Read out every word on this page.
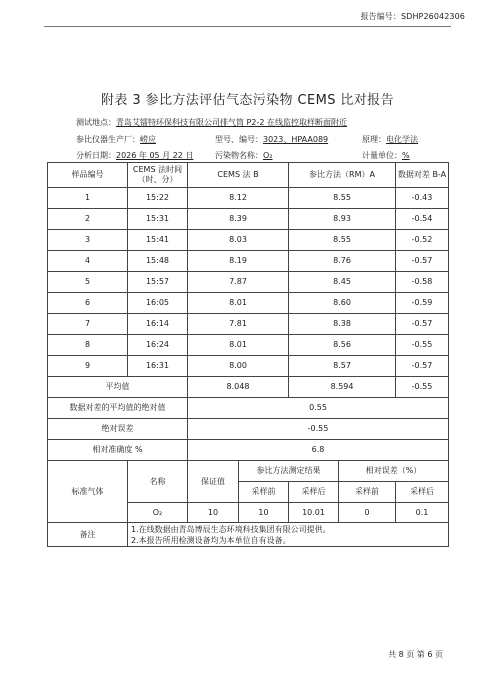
报告编号：SDHP26042306
附表 3 参比方法评估气态污染物 CEMS 比对报告
测试地点：青岛艾镭特环保科技有限公司排气筒 P2-2 在线监控取样断面附近
参比仪器生产厂：崂应	型号、编号：3023、HPAA089	原理：电化学法
分析日期：2026 年 05 月 22 日	污染物名称：O₂	计量单位：%
样品编号	CEMS 法时间
（时、分）	CEMS 法 B		参比方法（RM）A		数据对差 B-A
1	15:22	8.12		8.55		-0.43
2	15:31	8.39		8.93		-0.54
3	15:41	8.03		8.55		-0.52
4	15:48	8.19		8.76		-0.57
5	15:57	7.87		8.45		-0.58
6	16:05	8.01		8.60		-0.59
7	16:14	7.81		8.38		-0.57
8	16:24	8.01		8.56		-0.55
9	16:31	8.00		8.57		-0.57
平均值		8.048		8.594		-0.55
数据对差的平均值的绝对值		0.55				
绝对误差		-0.55				
相对准确度 %		6.8				
标准气体	名称	保证值	参比方法测定结果		相对误差（%）	
			采样前	采样后	采样前	采样后
	O₂	10	10	10.01	0	0.1
备注	1.在线数据由青岛博辰生态环境科技集团有限公司提供。
2.本报告所用检测设备均为本单位自有设备。					
共 8 页 第 6 页
